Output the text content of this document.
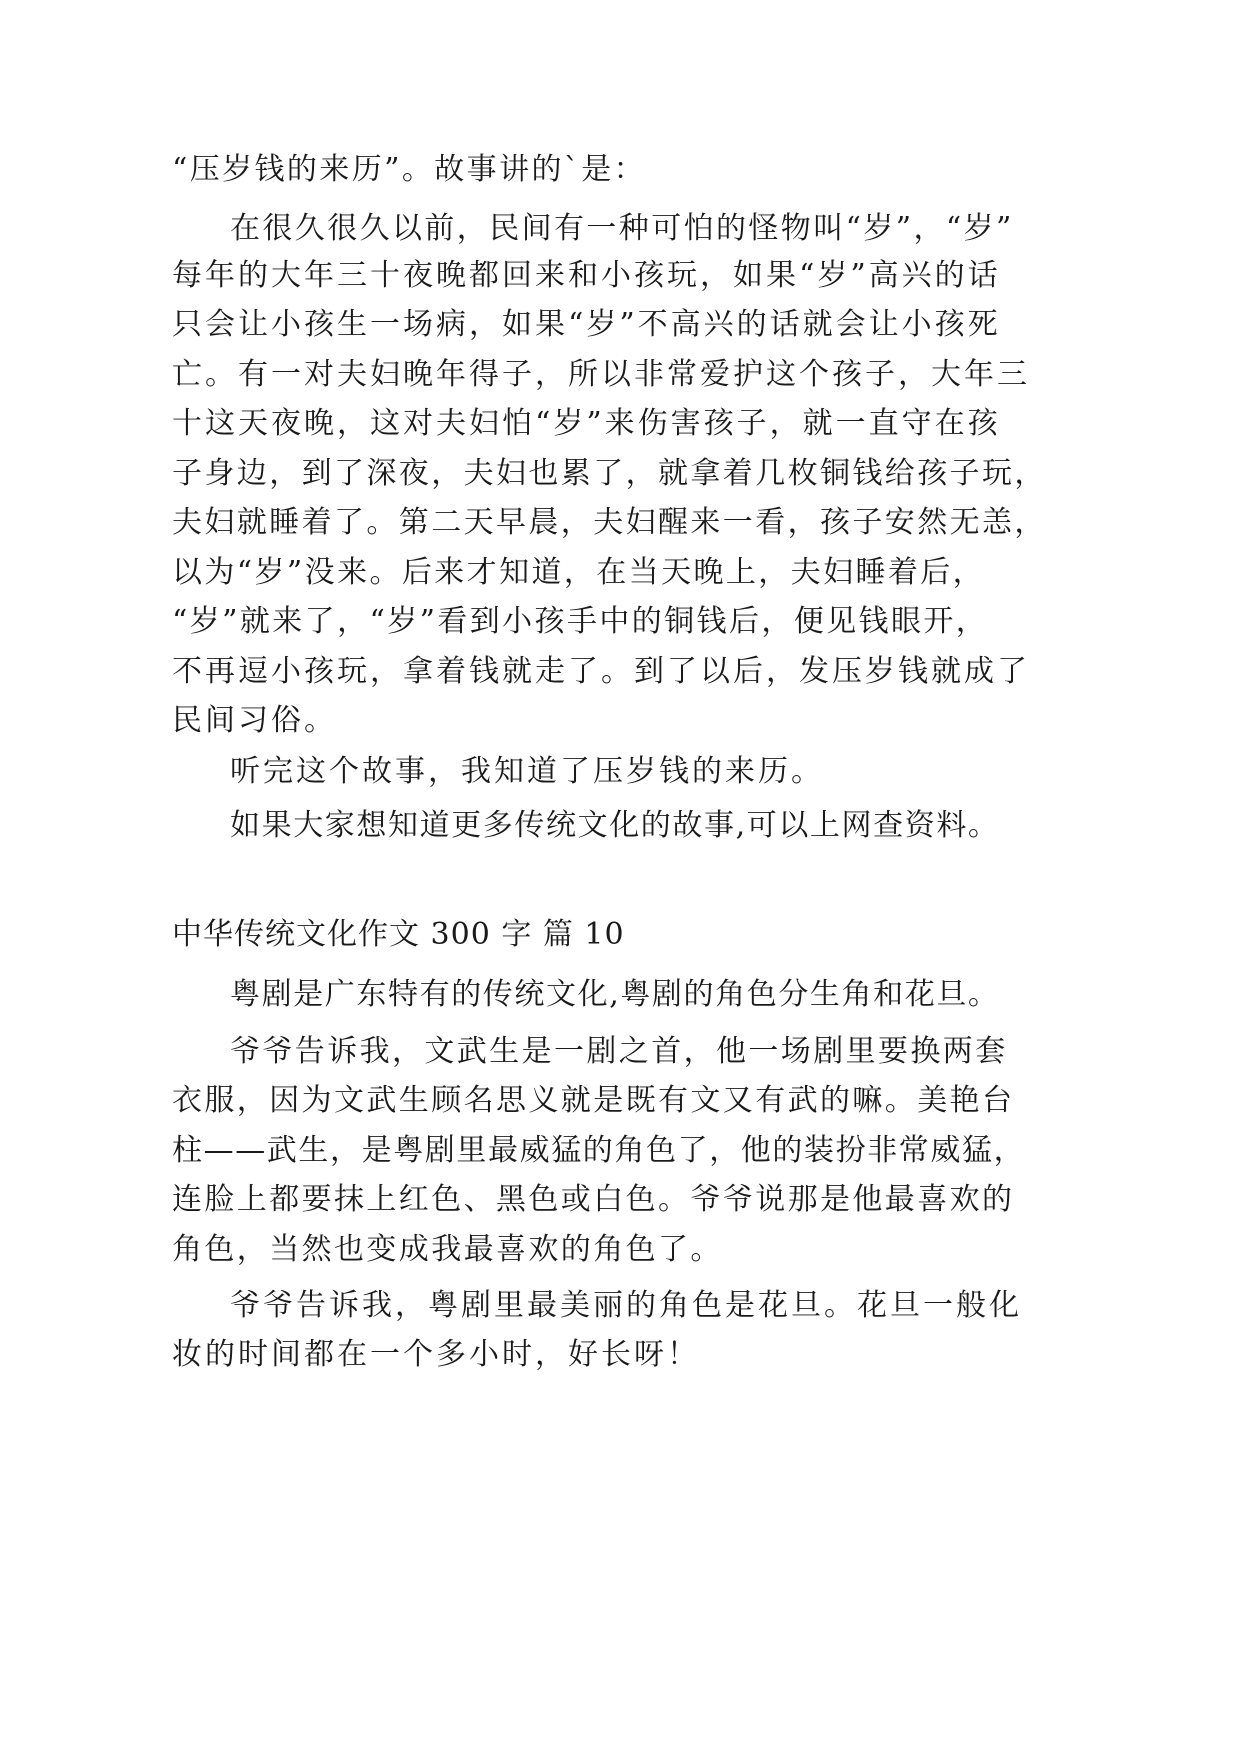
“压岁钱的来历”。故事讲的`是：

在很久很久以前，民间有一种可怕的怪物叫“岁”，“岁”

每年的大年三十夜晚都回来和小孩玩，如果“岁”高兴的话

只会让小孩生一场病，如果“岁”不高兴的话就会让小孩死

亡。有一对夫妇晚年得子，所以非常爱护这个孩子，大年三

十这天夜晚，这对夫妇怕“岁”来伤害孩子，就一直守在孩

子身边，到了深夜，夫妇也累了，就拿着几枚铜钱给孩子玩，

夫妇就睡着了。第二天早晨，夫妇醒来一看，孩子安然无恙，

以为“岁”没来。后来才知道，在当天晚上，夫妇睡着后，

“岁”就来了，“岁”看到小孩手中的铜钱后，便见钱眼开，

不再逗小孩玩，拿着钱就走了。到了以后，发压岁钱就成了

民间习俗。

听完这个故事，我知道了压岁钱的来历。

如果大家想知道更多传统文化的故事,可以上网查资料。

中华传统文化作文 300 字 篇 10

粤剧是广东特有的传统文化,粤剧的角色分生角和花旦。

爷爷告诉我，文武生是一剧之首，他一场剧里要换两套

衣服，因为文武生顾名思义就是既有文又有武的嘛。美艳台

柱——武生，是粤剧里最威猛的角色了，他的装扮非常威猛，

连脸上都要抹上红色、黑色或白色。爷爷说那是他最喜欢的

角色，当然也变成我最喜欢的角色了。

爷爷告诉我，粤剧里最美丽的角色是花旦。花旦一般化

妆的时间都在一个多小时，好长呀！
